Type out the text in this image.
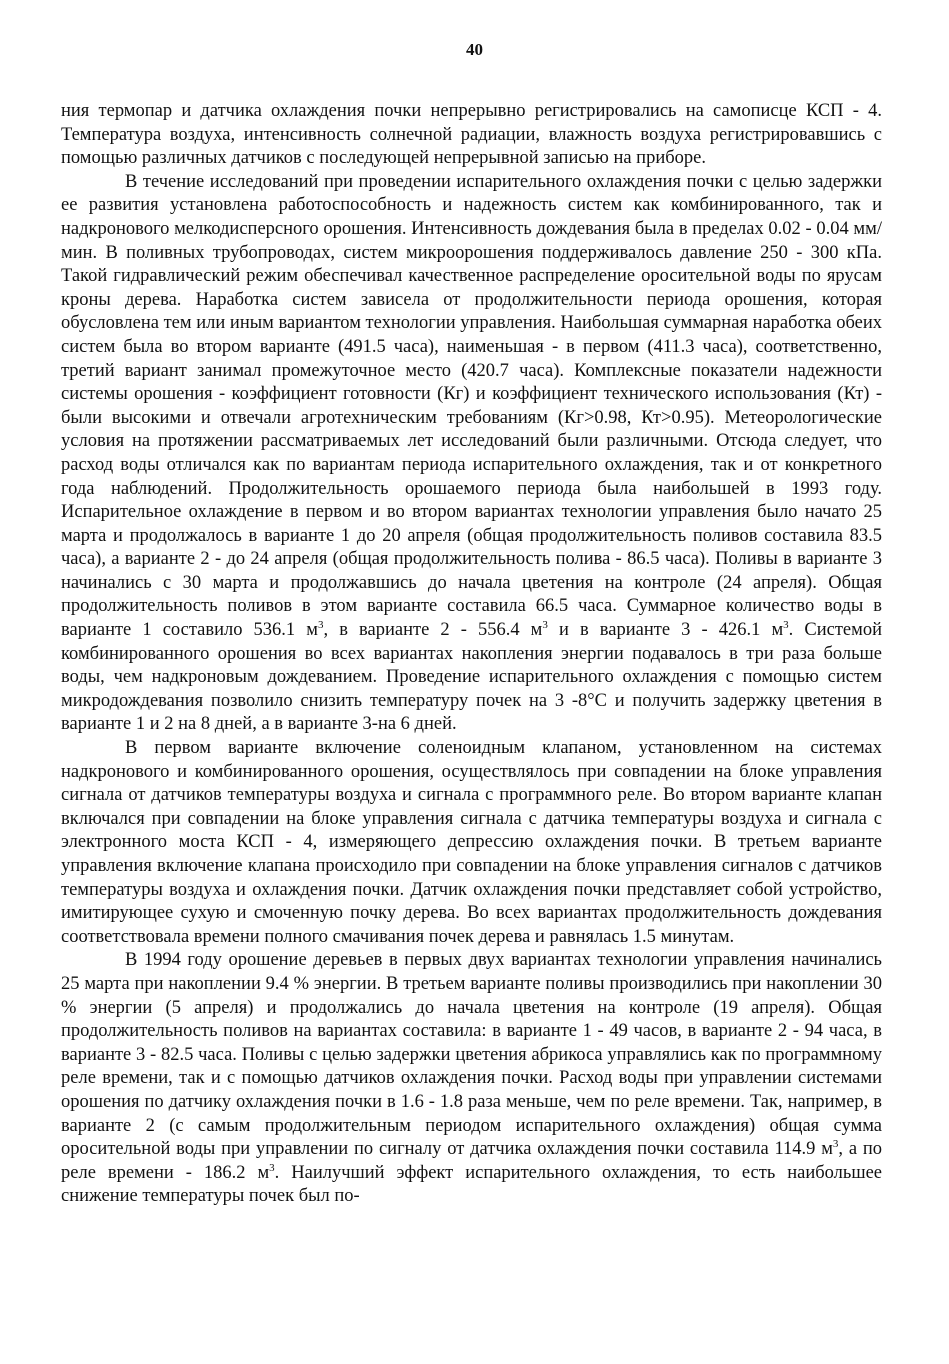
40

ния термопар и датчика охлаждения почки непрерывно регистрировались на самописце КСП - 4. Температура воздуха, интенсивность солнечной радиации, влажность воздуха регистрировавшись с помощью различных датчиков с последующей непрерывной записью на приборе.

В течение исследований при проведении испарительного охлаждения почки с целью задержки ее развития установлена работоспособность и надежность систем как комбинированного, так и надкронового мелкодисперсного орошения. Интенсивность дождевания была в пределах 0.02 - 0.04 мм/мин. В поливных трубопроводах, систем микроорошения поддерживалось давление 250 - 300 кПа. Такой гидравлический режим обеспечивал качественное распределение оросительной воды по ярусам кроны дерева. Наработка систем зависела от продолжительности периода орошения, которая обусловлена тем или иным вариантом технологии управления. Наибольшая суммарная наработка обеих систем была во втором варианте (491.5 часа), наименьшая - в первом (411.3 часа), соответственно, третий вариант занимал промежуточное место (420.7 часа). Комплексные показатели надежности системы орошения - коэффициент готовности (Кг) и коэффициент технического использования (Кт) - были высокими и отвечали агротехническим требованиям (Кг>0.98, Кт>0.95). Метеорологические условия на протяжении рассматриваемых лет исследований были различными. Отсюда следует, что расход воды отличался как по вариантам периода испарительного охлаждения, так и от конкретного года наблюдений. Продолжительность орошаемого периода была наибольшей в 1993 году. Испарительное охлаждение в первом и во втором вариантах технологии управления было начато 25 марта и продолжалось в варианте 1 до 20 апреля (общая продолжительность поливов составила 83.5 часа), а варианте 2 - до 24 апреля (общая продолжительность полива - 86.5 часа). Поливы в варианте 3 начинались с 30 марта и продолжавшись до начала цветения на контроле (24 апреля). Общая продолжительность поливов в этом варианте составила 66.5 часа. Суммарное количество воды в варианте 1 составило 536.1 $м^3$, в варианте 2 - 556.4 $м^3$ и в варианте 3 - 426.1 $м^3$. Системой комбинированного орошения во всех вариантах накопления энергии подавалось в три раза больше воды, чем надкроновым дождеванием. Проведение испарительного охлаждения с помощью систем микродождевания позволило снизить температуру почек на 3 -8°С и получить задержку цветения в варианте 1 и 2 на 8 дней, а в варианте 3-на 6 дней.

В первом варианте включение соленоидным клапаном, установленном на системах надкронового и комбинированного орошения, осуществлялось при совпадении на блоке управления сигнала от датчиков температуры воздуха и сигнала с программного реле. Во втором варианте клапан включался при совпадении на блоке управления сигнала с датчика температуры воздуха и сигнала с электронного моста КСП - 4, измеряющего депрессию охлаждения почки. В третьем варианте управления включение клапана происходило при совпадении на блоке управления сигналов с датчиков температуры воздуха и охлаждения почки. Датчик охлаждения почки представляет собой устройство, имитирующее сухую и смоченную почку дерева. Во всех вариантах продолжительность дождевания соответствовала времени полного смачивания почек дерева и равнялась 1.5 минутам.

В 1994 году орошение деревьев в первых двух вариантах технологии управления начинались 25 марта при накоплении 9.4 % энергии. В третьем варианте поливы производились при накоплении 30 % энергии (5 апреля) и продолжались до начала цветения на контроле (19 апреля). Общая продолжительность поливов на вариантах составила: в варианте 1 - 49 часов, в варианте 2 - 94 часа, в варианте 3 - 82.5 часа. Поливы с целью задержки цветения абрикоса управлялись как по программному реле времени, так и с помощью датчиков охлаждения почки. Расход воды при управлении системами орошения по датчику охлаждения почки в 1.6 - 1.8 раза меньше, чем по реле времени. Так, например, в варианте 2 (с самым продолжительным периодом испарительного охлаждения) общая сумма оросительной воды при управлении по сигналу от датчика охлаждения почки составила 114.9 $м^3$, а по реле времени - 186.2 $м^3$. Наилучший эффект испарительного охлаждения, то есть наибольшее снижение температуры почек был по-
